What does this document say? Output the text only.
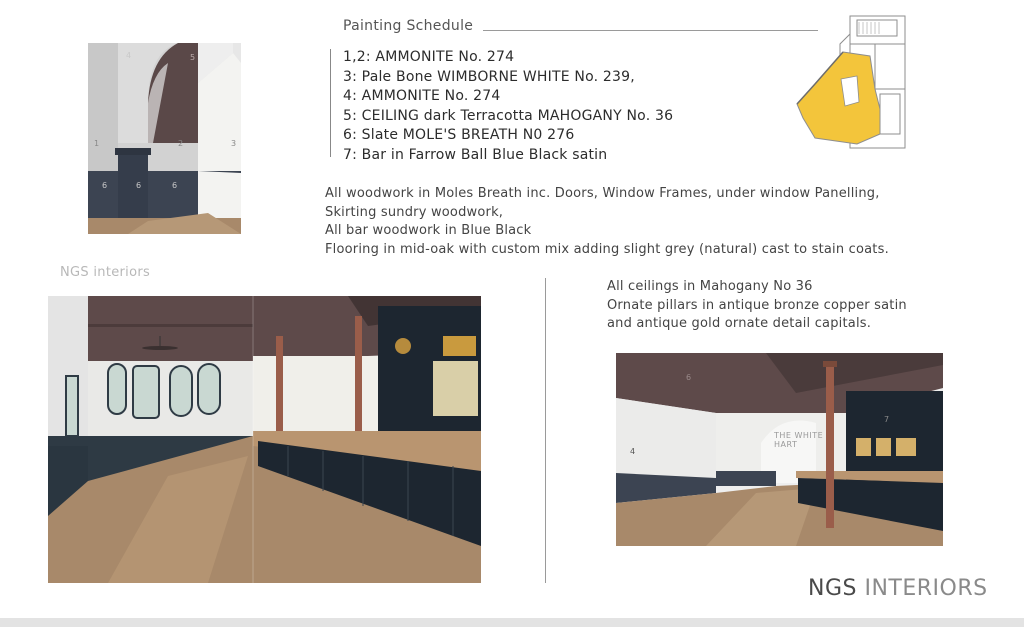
1	2	3
4	5
6	6	6
Painting Schedule
1,2: AMMONITE No. 274
3: Pale Bone WIMBORNE WHITE No. 239,
4: AMMONITE No. 274
5: CEILING dark Terracotta MAHOGANY No. 36
6: Slate MOLE'S BREATH N0 276
7: Bar in Farrow Ball Blue Black satin
All woodwork in Moles Breath inc. Doors, Window Frames, under window Panelling,
Skirting sundry woodwork,
All bar woodwork in Blue Black
Flooring in mid-oak with custom mix adding slight grey (natural) cast to stain coats.
NGS interiors
All ceilings in Mahogany No 36
Ornate pillars in antique bronze copper satin
and antique gold ornate detail capitals.
THE WHITE
HART
4
6
7
NGS INTERIORS
